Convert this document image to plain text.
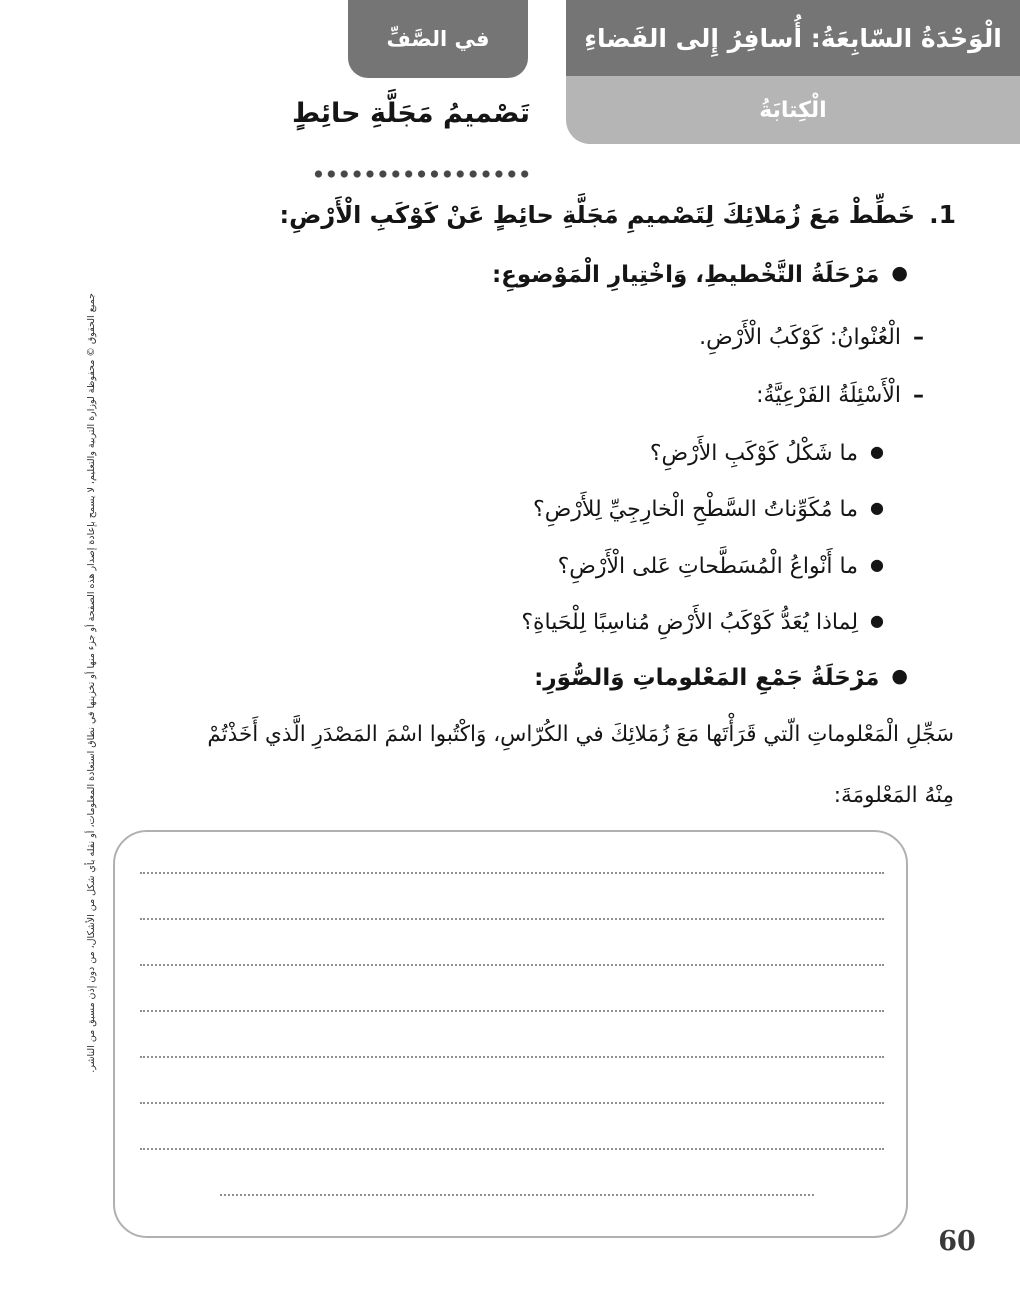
الْوَحْدَةُ السّابِعَةُ: أُسافِرُ إِلى الفَضاءِ
الْكِتابَةُ
في الصَّفِّ
تَصْميمُ مَجَلَّةِ حائِطٍ
1.خَطِّطْ مَعَ زُمَلائِكَ لِتَصْميمِ مَجَلَّةِ حائِطٍ عَنْ كَوْكَبِ الْأَرْضِ:
●مَرْحَلَةُ التَّخْطيطِ، وَاخْتِيارِ الْمَوْضوعِ:
–الْعُنْوانُ: كَوْكَبُ الْأَرْضِ.
–الْأَسْئِلَةُ الفَرْعِيَّةُ:
●ما شَكْلُ كَوْكَبِ الأَرْضِ؟
●ما مُكَوِّناتُ السَّطْحِ الْخارِجِيِّ لِلأَرْضِ؟
●ما أَنْواعُ الْمُسَطَّحاتِ عَلى الْأَرْضِ؟
●لِماذا يُعَدُّ كَوْكَبُ الأَرْضِ مُناسِبًا لِلْحَياةِ؟
●مَرْحَلَةُ جَمْعِ المَعْلوماتِ وَالصُّوَرِ:
سَجِّلِ الْمَعْلوماتِ الّتي قَرَأْتَها مَعَ زُمَلائِكَ في الكُرّاسِ، وَاكْتُبوا اسْمَ المَصْدَرِ الَّذي أَخَذْتُمْ
مِنْهُ المَعْلومَةَ:
جميع الحقوق © محفوظة لوزارة التربية والتعليم، لا يسمح بإعادة إصدار هذه الصفحة أو جزء منها أو تخزينها في نطاق استعادة المعلومات، أو نقله بأي شكل من الأشكال، من دون إذن مسبق من الناشر.
60
